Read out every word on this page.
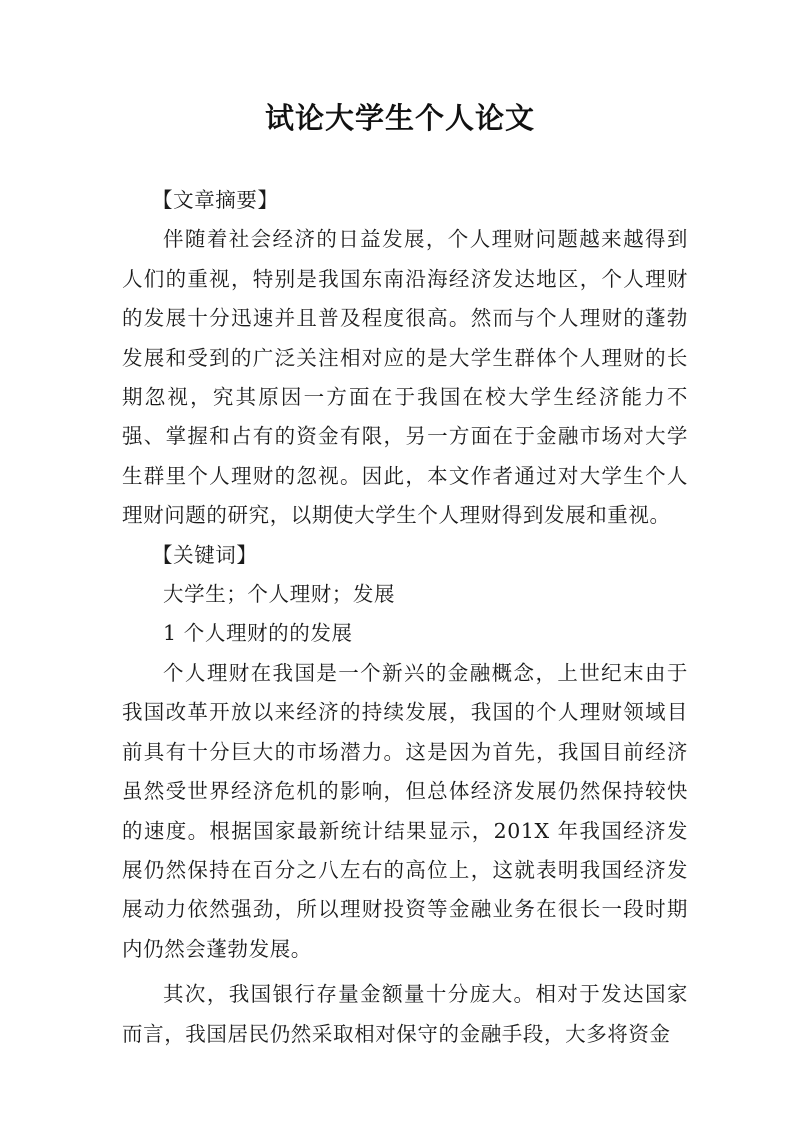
试论大学生个人论文

【文章摘要】

伴随着社会经济的日益发展，个人理财问题越来越得到人们的重视，特别是我国东南沿海经济发达地区，个人理财的发展十分迅速并且普及程度很高。然而与个人理财的蓬勃发展和受到的广泛关注相对应的是大学生群体个人理财的长期忽视，究其原因一方面在于我国在校大学生经济能力不强、掌握和占有的资金有限，另一方面在于金融市场对大学生群里个人理财的忽视。因此，本文作者通过对大学生个人理财问题的研究，以期使大学生个人理财得到发展和重视。

【关键词】

大学生；个人理财；发展

1 个人理财的的发展

个人理财在我国是一个新兴的金融概念，上世纪末由于我国改革开放以来经济的持续发展，我国的个人理财领域目前具有十分巨大的市场潜力。这是因为首先，我国目前经济虽然受世界经济危机的影响，但总体经济发展仍然保持较快的速度。根据国家最新统计结果显示，201X 年我国经济发展仍然保持在百分之八左右的高位上，这就表明我国经济发展动力依然强劲，所以理财投资等金融业务在很长一段时期内仍然会蓬勃发展。

其次，我国银行存量金额量十分庞大。相对于发达国家而言，我国居民仍然采取相对保守的金融手段，大多将资金
